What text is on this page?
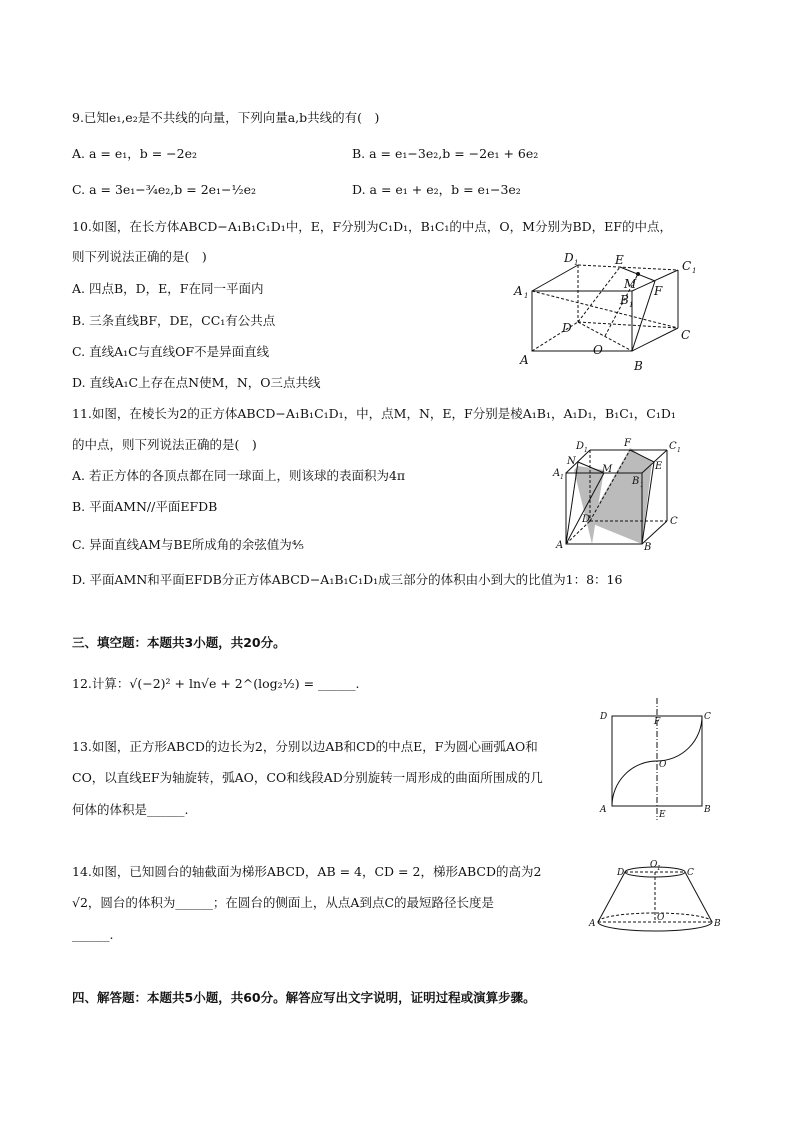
9.已知e₁,e₂是不共线的向量，下列向量a,b共线的有(　)
A. a = e₁，b = −2e₂	B. a = e₁−3e₂,b = −2e₁ + 6e₂
C. a = 3e₁−¾e₂,b = 2e₁−½e₂	D. a = e₁ + e₂，b = e₁−3e₂
10.如图，在长方体ABCD−A₁B₁C₁D₁中，E，F分别为C₁D₁，B₁C₁的中点，O，M分别为BD，EF的中点，
则下列说法正确的是(　)
A. 四点B，D，E，F在同一平面内
B. 三条直线BF，DE，CC₁有公共点
C. 直线A₁C与直线OF不是异面直线
D. 直线A₁C上存在点N使M，N，O三点共线
D 1	E	C 1
A 1
M
B 1
F
D
O
C
A	B
11.如图，在棱长为2的正方体ABCD−A₁B₁C₁D₁，中，点M，N，E，F分别是棱A₁B₁，A₁D₁，B₁C₁，C₁D₁
的中点，则下列说法正确的是(　)
A. 若正方体的各顶点都在同一球面上，则该球的表面积为4π
B. 平面AMN//平面EFDB
C. 异面直线AM与BE所成角的余弦值为⅘
D. 平面AMN和平面EFDB分正方体ABCD−A₁B₁C₁D₁成三部分的体积由小到大的比值为1：8：16
D 1
F	C 1
N
A 1
M	E
B 1
D	C
A	B
三、填空题：本题共3小题，共20分。
12.计算：√(−2)² + ln√e + 2^(log₂½) = ______.
13.如图，正方形ABCD的边长为2，分别以边AB和CD的中点E，F为圆心画弧AO和
CO，以直线EF为轴旋转，弧AO，CO和线段AD分别旋转一周形成的曲面所围成的几
何体的体积是______.
D	F	C
O
A	E	B
14.如图，已知圆台的轴截面为梯形ABCD，AB = 4，CD = 2，梯形ABCD的高为2
√2，圆台的体积为______；在圆台的侧面上，从点A到点C的最短路径长度是
______.
O 1
D	C
O
A	B
四、解答题：本题共5小题，共60分。解答应写出文字说明，证明过程或演算步骤。
